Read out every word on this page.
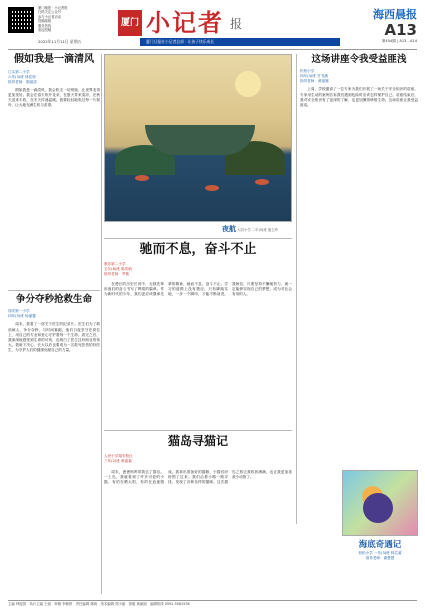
厦门晚报 · 小记者报
扫码关注公众号
参与小记者活动
投稿邮箱
服务热线
欢迎投稿
厦门 小记者 报
海西晨报
A13
2022年11月11日 星期五	厦门日报社小记者总部 · 让孩子快乐成长	第454期 | A13 - A14
假如我是一滴清风
江头第二小学
六年(3)班 林佳妙
指导老师：陈丽清

假如我是一滴清风，我会吹走一切烦恼，让世界变得更加美好。我会在春天吹开花朵，在夏天带来清凉，在秋天送来丰收，在冬天传递温暖。我要轻轻地吹过每一片树叶，让大地充满生机与希望。

夜航 大同小学 二年(5)班 施卫玲
这场讲座令我受益匪浅
松柏小学
四年(4)班 甘书涵
指导老师：黄丽娜

上周，学校邀请了一位专家为我们开展了一场关于安全知识的讲座。专家用生动的案例告诉我们遇到危险时应该怎样保护自己。讲座结束后，我对安全知识有了更深的了解，也更加懂得珍惜生命。这场讲座让我受益匪浅。

争分夺秒抢救生命
翔安第一小学
四年(5)班 杨丽馨

周末，我看了一部关于医生的纪录片。医生们为了救治病人，争分夺秒，与时间赛跑。他们日夜坚守在岗位上，用自己的专业和爱心守护着每一个生命。看完之后，我深深地感受到生命的可贵，也明白了医生这份职业的伟大。我暗下决心，长大以后也要成为一名救死扶伤的好医生，为守护人们的健康贡献自己的力量。

驰而不息，奋斗不止
康乐第二小学
五年(6)班 陈奕帆
指导老师：罗敏

在漫长的历史长河中，无数先辈用他们的奋斗书写了辉煌的篇章。作为新时代的少年，我们更应该继承先辈的精神，驰而不息，奋斗不止。学习的道路上没有捷径，只有脚踏实地，一步一个脚印，才能不断前进。我相信，只要坚持不懈地努力，就一定能够实现自己的梦想，成为对社会有用的人。

猫岛寻猫记
人民小学翔安校区
三年(2)班 黄嘉嘉

周末，爸爸妈妈带我去了猫岛。一上岛，我就看到了许多可爱的小猫，有的在晒太阳，有的在追逐嬉戏。我拿出准备好的猫粮，小猫们纷纷围了过来。我们沿着小路一路寻找，发现了各种各样的猫咪。这次猫岛之旅让我收获满满，也让我更加喜欢小动物了。

海底奇遇记
松柏小学 一年(3)班 林芯睿
指导老师：谢慧慧
主编 钟振国　执行主编 王丽　审稿 李敏婷　责任编辑 林晓　美术编辑 郑小丽　排版 黄丽丽　编辑热线 0592-5581536
